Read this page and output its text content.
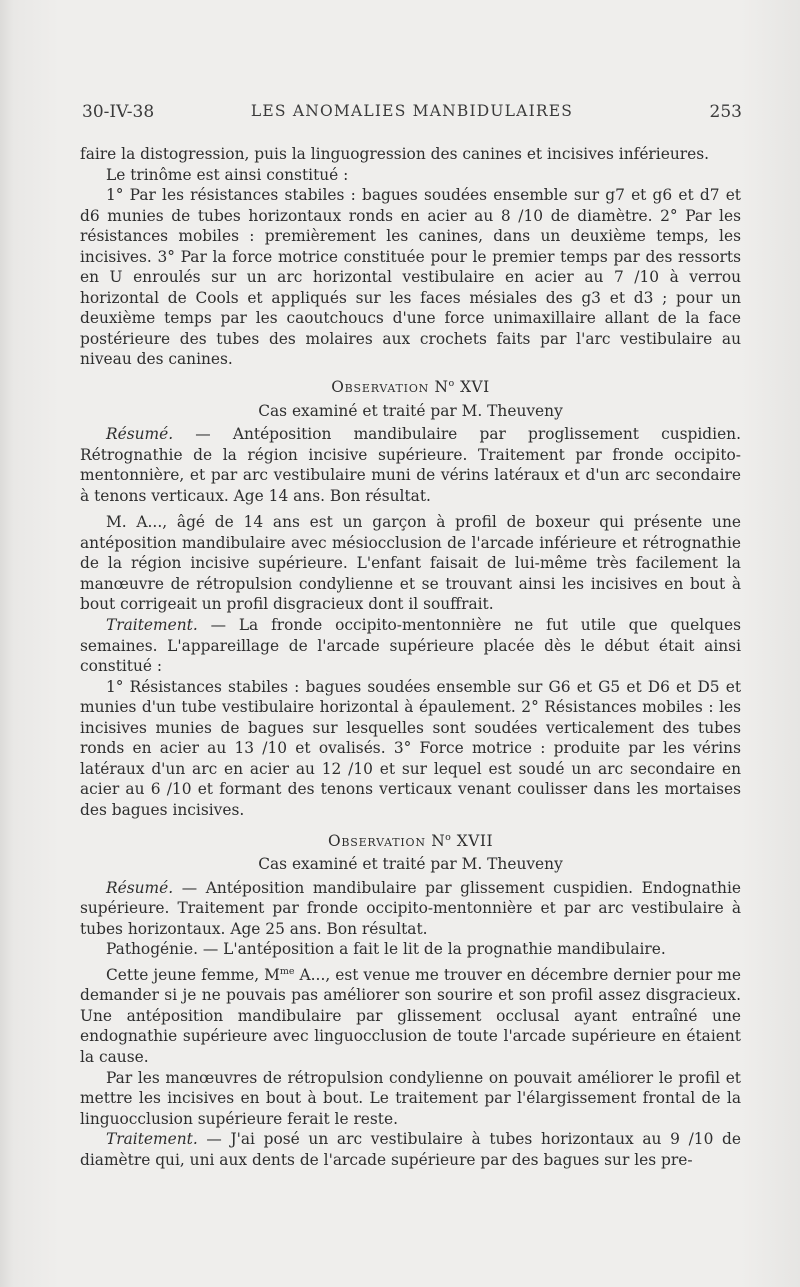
30-IV-38	LES ANOMALIES MANBIDULAIRES	253

faire la distogression, puis la linguogression des canines et incisives inférieures.

Le trinôme est ainsi constitué :

1° Par les résistances stabiles : bagues soudées ensemble sur g7 et g6 et d7 et d6 munies de tubes horizontaux ronds en acier au 8 /10 de diamètre. 2° Par les résistances mobiles : premièrement les canines, dans un deuxième temps, les incisives. 3° Par la force motrice constituée pour le premier temps par des ressorts en U enroulés sur un arc horizontal vestibulaire en acier au 7 /10 à verrou horizontal de Cools et appliqués sur les faces mésiales des g3 et d3 ; pour un deuxième temps par les caoutchoucs d'une force unimaxillaire allant de la face postérieure des tubes des molaires aux crochets faits par l'arc vestibulaire au niveau des canines.

Observation $N^o$ XVI

Cas examiné et traité par M. Theuveny

Résumé. — Antéposition mandibulaire par proglissement cuspidien. Rétrognathie de la région incisive supérieure. Traitement par fronde occipito-mentonnière, et par arc vestibulaire muni de vérins latéraux et d'un arc secondaire à tenons verticaux. Age 14 ans. Bon résultat.

M. A..., âgé de 14 ans est un garçon à profil de boxeur qui présente une antéposition mandibulaire avec mésiocclusion de l'arcade inférieure et rétrognathie de la région incisive supérieure. L'enfant faisait de lui-même très facilement la manœuvre de rétropulsion condylienne et se trouvant ainsi les incisives en bout à bout corrigeait un profil disgracieux dont il souffrait.

Traitement. — La fronde occipito-mentonnière ne fut utile que quelques semaines. L'appareillage de l'arcade supérieure placée dès le début était ainsi constitué :

1° Résistances stabiles : bagues soudées ensemble sur G6 et G5 et D6 et D5 et munies d'un tube vestibulaire horizontal à épaulement. 2° Résistances mobiles : les incisives munies de bagues sur lesquelles sont soudées verticalement des tubes ronds en acier au 13 /10 et ovalisés. 3° Force motrice : produite par les vérins latéraux d'un arc en acier au 12 /10 et sur lequel est soudé un arc secondaire en acier au 6 /10 et formant des tenons verticaux venant coulisser dans les mortaises des bagues incisives.

Observation $N^o$ XVII

Cas examiné et traité par M. Theuveny

Résumé. — Antéposition mandibulaire par glissement cuspidien. Endognathie supérieure. Traitement par fronde occipito-mentonnière et par arc vestibulaire à tubes horizontaux. Age 25 ans. Bon résultat.

Pathogénie. — L'antéposition a fait le lit de la prognathie mandibulaire.

Cette jeune femme, $M^{me}$ A..., est venue me trouver en décembre dernier pour me demander si je ne pouvais pas améliorer son sourire et son profil assez disgracieux. Une antéposition mandibulaire par glissement occlusal ayant entraîné une endognathie supérieure avec linguocclusion de toute l'arcade supérieure en étaient la cause.

Par les manœuvres de rétropulsion condylienne on pouvait améliorer le profil et mettre les incisives en bout à bout. Le traitement par l'élargissement frontal de la linguocclusion supérieure ferait le reste.

Traitement. — J'ai posé un arc vestibulaire à tubes horizontaux au 9 /10 de diamètre qui, uni aux dents de l'arcade supérieure par des bagues sur les pre-
